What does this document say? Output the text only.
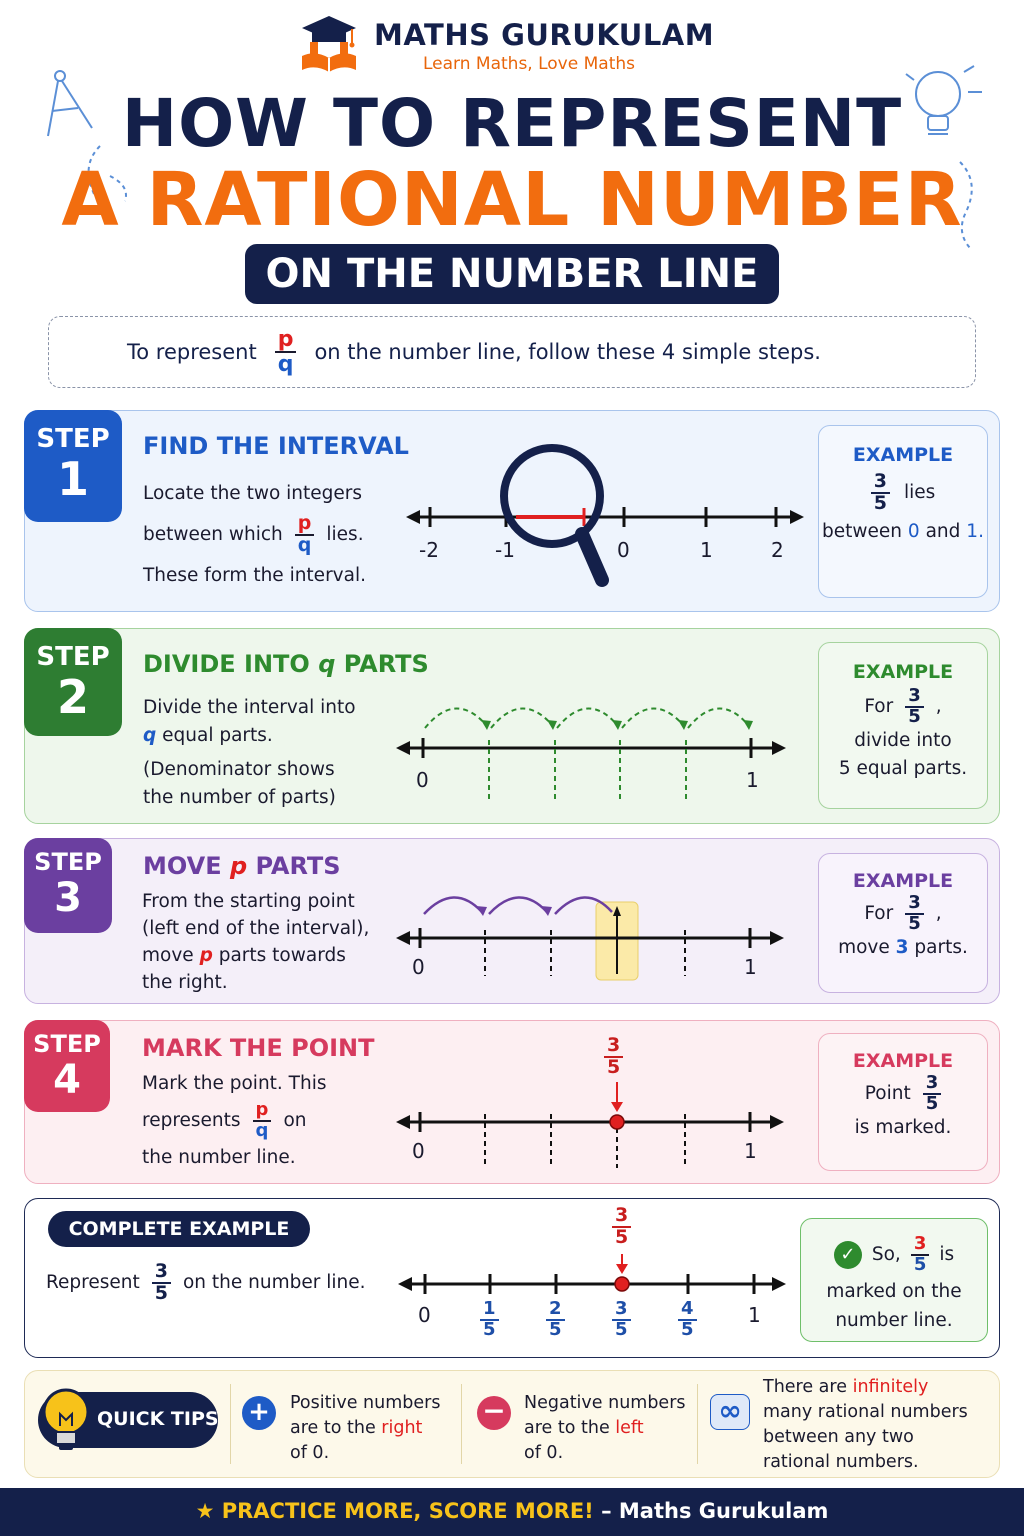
MATHS GURUKULAM
Learn Maths, Love Maths
HOW TO REPRESENT
A RATIONAL NUMBER
ON THE NUMBER LINE
To represent $\frac{p}{q}$ on the number line, follow these 4 simple steps.
STEP
1
FIND THE INTERVAL
Locate the two integers
between which $\frac{p}{q}$ lies.
These form the interval.
-2	-1	0	1	2
EXAMPLE
$\frac{3}{5}$ lies
between 0 and 1.
STEP
2
DIVIDE INTO q PARTS
Divide the interval into
q equal parts.
(Denominator shows
the number of parts)
0	1
EXAMPLE
For $\frac{3}{5}$ ,
divide into
5 equal parts.
STEP
3
MOVE p PARTS
From the starting point
(left end of the interval),
move p parts towards
the right.
0	1
EXAMPLE
For $\frac{3}{5}$ ,
move 3 parts.
STEP
4
MARK THE POINT
Mark the point. This
represents $\frac{p}{q}$ on
the number line.
$\frac{3}{5}$
0	1
EXAMPLE
Point $\frac{3}{5}$
is marked.
COMPLETE EXAMPLE
Represent $\frac{3}{5}$ on the number line.
$\frac{3}{5}$
0	$\frac{1}{5}$	$\frac{2}{5}$	$\frac{3}{5}$	$\frac{4}{5}$	1
✓ So, $\frac{3}{5}$ is
marked on the
number line.
QUICK TIPS +	Positive numbers
are to the right
of 0.
−	Negative numbers
are to the left
of 0.
∞
There are infinitely
many rational numbers
between any two
rational numbers.
★ PRACTICE MORE, SCORE MORE! – Maths Gurukulam
